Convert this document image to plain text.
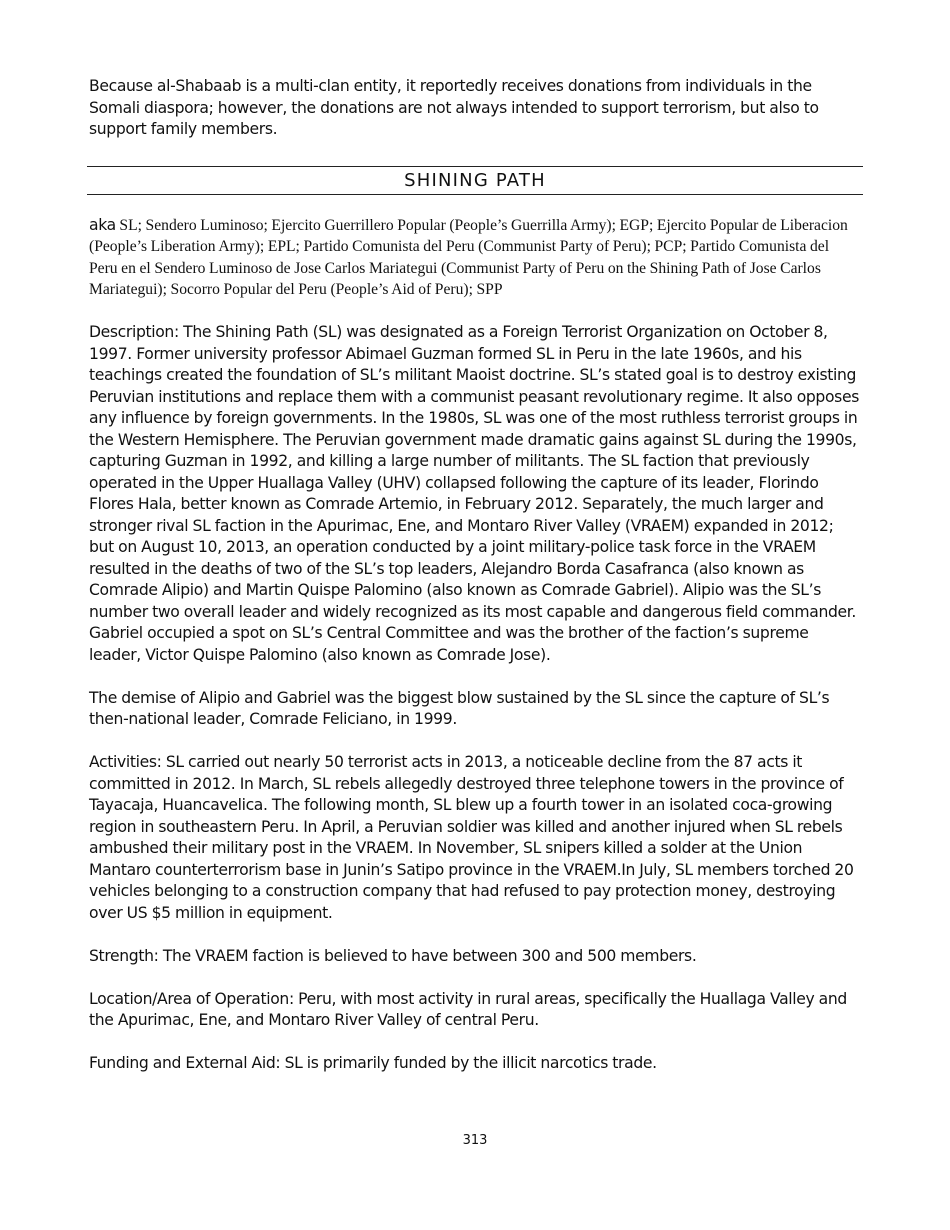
Because al-Shabaab is a multi-clan entity, it reportedly receives donations from individuals in the Somali diaspora; however, the donations are not always intended to support terrorism, but also to support family members.

SHINING PATH

aka SL; Sendero Luminoso; Ejercito Guerrillero Popular (People’s Guerrilla Army); EGP; Ejercito Popular de Liberacion (People’s Liberation Army); EPL; Partido Comunista del Peru (Communist Party of Peru); PCP; Partido Comunista del Peru en el Sendero Luminoso de Jose Carlos Mariategui (Communist Party of Peru on the Shining Path of Jose Carlos Mariategui); Socorro Popular del Peru (People’s Aid of Peru); SPP

Description: The Shining Path (SL) was designated as a Foreign Terrorist Organization on October 8, 1997. Former university professor Abimael Guzman formed SL in Peru in the late 1960s, and his teachings created the foundation of SL’s militant Maoist doctrine. SL’s stated goal is to destroy existing Peruvian institutions and replace them with a communist peasant revolutionary regime. It also opposes any influence by foreign governments. In the 1980s, SL was one of the most ruthless terrorist groups in the Western Hemisphere. The Peruvian government made dramatic gains against SL during the 1990s, capturing Guzman in 1992, and killing a large number of militants. The SL faction that previously operated in the Upper Huallaga Valley (UHV) collapsed following the capture of its leader, Florindo Flores Hala, better known as Comrade Artemio, in February 2012. Separately, the much larger and stronger rival SL faction in the Apurimac, Ene, and Montaro River Valley (VRAEM) expanded in 2012; but on August 10, 2013, an operation conducted by a joint military-police task force in the VRAEM resulted in the deaths of two of the SL’s top leaders, Alejandro Borda Casafranca (also known as Comrade Alipio) and Martin Quispe Palomino (also known as Comrade Gabriel). Alipio was the SL’s number two overall leader and widely recognized as its most capable and dangerous field commander. Gabriel occupied a spot on SL’s Central Committee and was the brother of the faction’s supreme leader, Victor Quispe Palomino (also known as Comrade Jose).

The demise of Alipio and Gabriel was the biggest blow sustained by the SL since the capture of SL’s then-national leader, Comrade Feliciano, in 1999.

Activities: SL carried out nearly 50 terrorist acts in 2013, a noticeable decline from the 87 acts it committed in 2012. In March, SL rebels allegedly destroyed three telephone towers in the province of Tayacaja, Huancavelica. The following month, SL blew up a fourth tower in an isolated coca-growing region in southeastern Peru. In April, a Peruvian soldier was killed and another injured when SL rebels ambushed their military post in the VRAEM. In November, SL snipers killed a solder at the Union Mantaro counterterrorism base in Junin’s Satipo province in the VRAEM.In July, SL members torched 20 vehicles belonging to a construction company that had refused to pay protection money, destroying over US $5 million in equipment.

Strength: The VRAEM faction is believed to have between 300 and 500 members.

Location/Area of Operation: Peru, with most activity in rural areas, specifically the Huallaga Valley and the Apurimac, Ene, and Montaro River Valley of central Peru.

Funding and External Aid: SL is primarily funded by the illicit narcotics trade.

313
